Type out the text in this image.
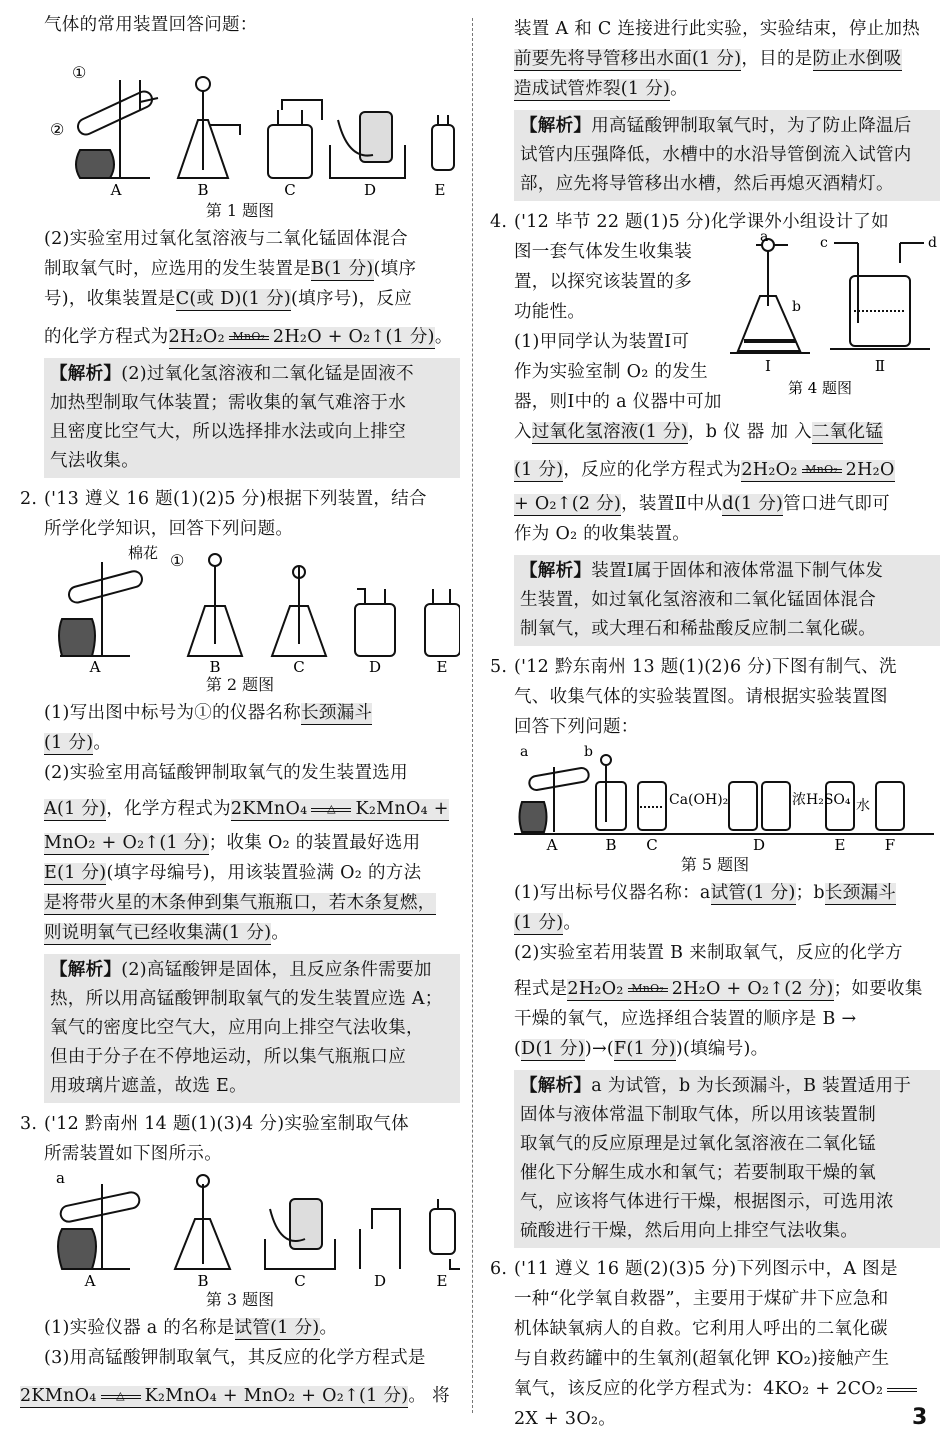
气体的常用装置回答问题：
①
②
A	B	C	D	E
第 1 题图
(2)实验室用过氧化氢溶液与二氧化锰固体混合
制取氧气时，应选用的发生装置是B(1 分)(填序
号)，收集装置是C(或 D)(1 分)(填序号)，反应
的化学方程式为2H₂O₂ MnO₂ 2H₂O + O₂↑(1 分)。
【解析】(2)过氧化氢溶液和二氧化锰是固液不
加热型制取气体装置；需收集的氧气难溶于水
且密度比空气大，所以选择排水法或向上排空
气法收集。
2. ('13 遵义 16 题(1)(2)5 分)根据下列装置，结合
所学化学知识，回答下列问题。
棉花 ①
A	B	C	D	E
第 2 题图
(1)写出图中标号为①的仪器名称长颈漏斗
(1 分)。
(2)实验室用高锰酸钾制取氧气的发生装置选用
A(1 分)，化学方程式为2KMnO₄	△	K₂MnO₄ +
MnO₂ + O₂↑(1 分)；收集 O₂ 的装置最好选用
E(1 分)(填字母编号)，用该装置验满 O₂ 的方法
是将带火星的木条伸到集气瓶瓶口，若木条复燃，
则说明氧气已经收集满(1 分)。
【解析】(2)高锰酸钾是固体，且反应条件需要加
热，所以用高锰酸钾制取氧气的发生装置应选 A；
氧气的密度比空气大，应用向上排空气法收集，
但由于分子在不停地运动，所以集气瓶瓶口应
用玻璃片遮盖，故选 E。
3. ('12 黔南州 14 题(1)(3)4 分)实验室制取气体
所需装置如下图所示。
a
A	B	C	D	E
第 3 题图
(1)实验仪器 a 的名称是试管(1 分)。
(3)用高锰酸钾制取氧气，其反应的化学方程式是
2KMnO₄	△	K₂MnO₄ + MnO₂ + O₂↑(1 分)。 将
装置 A 和 C 连接进行此实验，实验结束，停止加热
前要先将导管移出水面(1 分)，目的是防止水倒吸
造成试管炸裂(1 分)。
【解析】用高锰酸钾制取氧气时，为了防止降温后
试管内压强降低，水槽中的水沿导管倒流入试管内
部，应先将导管移出水槽，然后再熄灭酒精灯。
4. ('12 毕节 22 题(1)5 分)化学课外小组设计了如
图一套气体发生收集装
置，以探究该装置的多
功能性。
(1)甲同学认为装置Ⅰ可
作为实验室制 O₂ 的发生
器，则Ⅰ中的 a 仪器中可加
a
b
c	d
Ⅰ	Ⅱ
第 4 题图
入过氧化氢溶液(1 分)，b 仪 器 加 入二氧化锰
(1 分)，反应的化学方程式为2H₂O₂ MnO₂ 2H₂O
+ O₂↑(2 分)，装置Ⅱ中从d(1 分)管口进气即可
作为 O₂ 的收集装置。
【解析】装置Ⅰ属于固体和液体常温下制气体发
生装置，如过氧化氢溶液和二氧化锰固体混合
制氧气，或大理石和稀盐酸反应制二氧化碳。
5. ('12 黔东南州 13 题(1)(2)6 分)下图有制气、洗
气、收集气体的实验装置图。请根据实验装置图
回答下列问题：
a	b
Ca(OH)₂	浓H₂SO₄ 水
A	B C	D	E	F
第 5 题图
(1)写出标号仪器名称：a试管(1 分)；b长颈漏斗
(1 分)。
(2)实验室若用装置 B 来制取氧气，反应的化学方
程式是2H₂O₂ MnO₂ 2H₂O + O₂↑(2 分)；如要收集
干燥的氧气，应选择组合装置的顺序是 B →
(D(1 分))→(F(1 分))(填编号)。
【解析】a 为试管，b 为长颈漏斗，B 装置适用于
固体与液体常温下制取气体，所以用该装置制
取氧气的反应原理是过氧化氢溶液在二氧化锰
催化下分解生成水和氧气；若要制取干燥的氧
气，应该将气体进行干燥，根据图示，可选用浓
硫酸进行干燥，然后用向上排空气法收集。
6. ('11 遵义 16 题(2)(3)5 分)下列图示中，A 图是
一种“化学氧自救器”，主要用于煤矿井下应急和
机体缺氧病人的自救。它利用人呼出的二氧化碳
与自救药罐中的生氧剂(超氧化钾 KO₂)接触产生
氧气，该反应的化学方程式为：4KO₂ + 2CO₂
2X + 3O₂。	3
